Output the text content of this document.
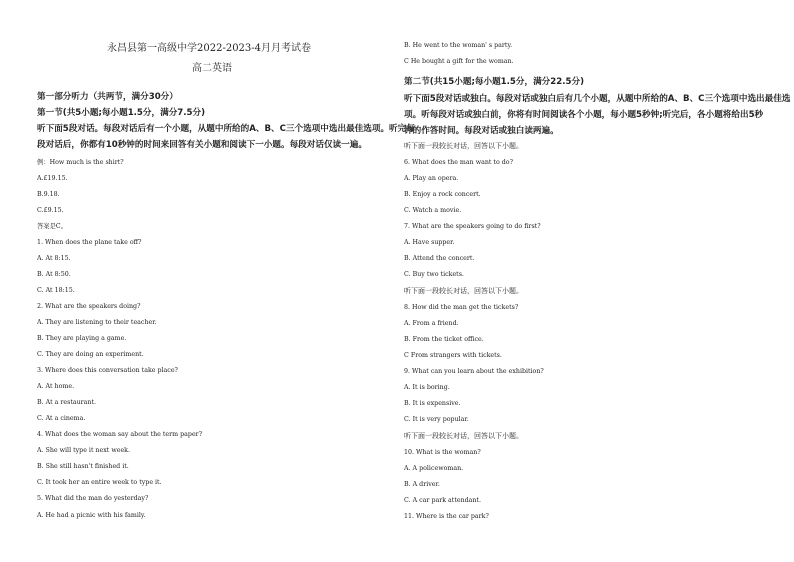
永昌县第一高级中学2022-2023-4月月考试卷
高二英语
第一部分听力（共两节，满分30分）
第一节(共5小题;每小题1.5分，满分7.5分)
听下面5段对话。每段对话后有一个小题，从题中所给的A、B、C三个选项中选出最佳选项。听完每
段对话后，你都有10秒钟的时间来回答有关小题和阅读下一小题。每段对话仅读一遍。
例：How much is the shirt?
A.£19.15.
B.9.18.
C.£9.15.
答案是C。
1. When does the plane take off?
A. At 8:15.
B. At 8:50.
C. At 18:15.
2. What are the speakers doing?
A. They are listening to their teacher.
B. They are playing a game.
C. They are doing an experiment.
3. Where does this conversation take place?
A. At home.
B. At a restaurant.
C. At a cinema.
4. What does the woman say about the term paper?
A. She will type it next week.
B. She still hasn't finished it.
C. It took her an entire week to type it.
5. What did the man do yesterday?
A. He had a picnic with his family.
B. He went to the woman' s party.
C He bought a gift for the woman.
第二节(共15小题;每小题1.5分，满分22.5分)
听下面5段对话或独白。每段对话或独白后有几个小题，从题中所给的A、B、C三个选项中选出最佳选
项。听每段对话或独白前，你将有时间阅读各个小题，每小题5秒钟;听完后，各小题将给出5秒
钟的作答时间。每段对话或独白读两遍。
听下面一段较长对话，回答以下小题。
6. What does the man want to do?
A. Play an opera.
B. Enjoy a rock concert.
C. Watch a movie.
7. What are the speakers going to do first?
A. Have supper.
B. Attend the concert.
C. Buy two tickets.
听下面一段较长对话，回答以下小题。
8. How did the man get the tickets?
A. From a friend.
B. From the ticket office.
C From strangers with tickets.
9. What can you learn about the exhibition?
A. It is boring.
B. It is expensive.
C. It is very popular.
听下面一段较长对话，回答以下小题。
10. What is the woman?
A. A policewoman.
B. A driver.
C. A car park attendant.
11. Where is the car park?
